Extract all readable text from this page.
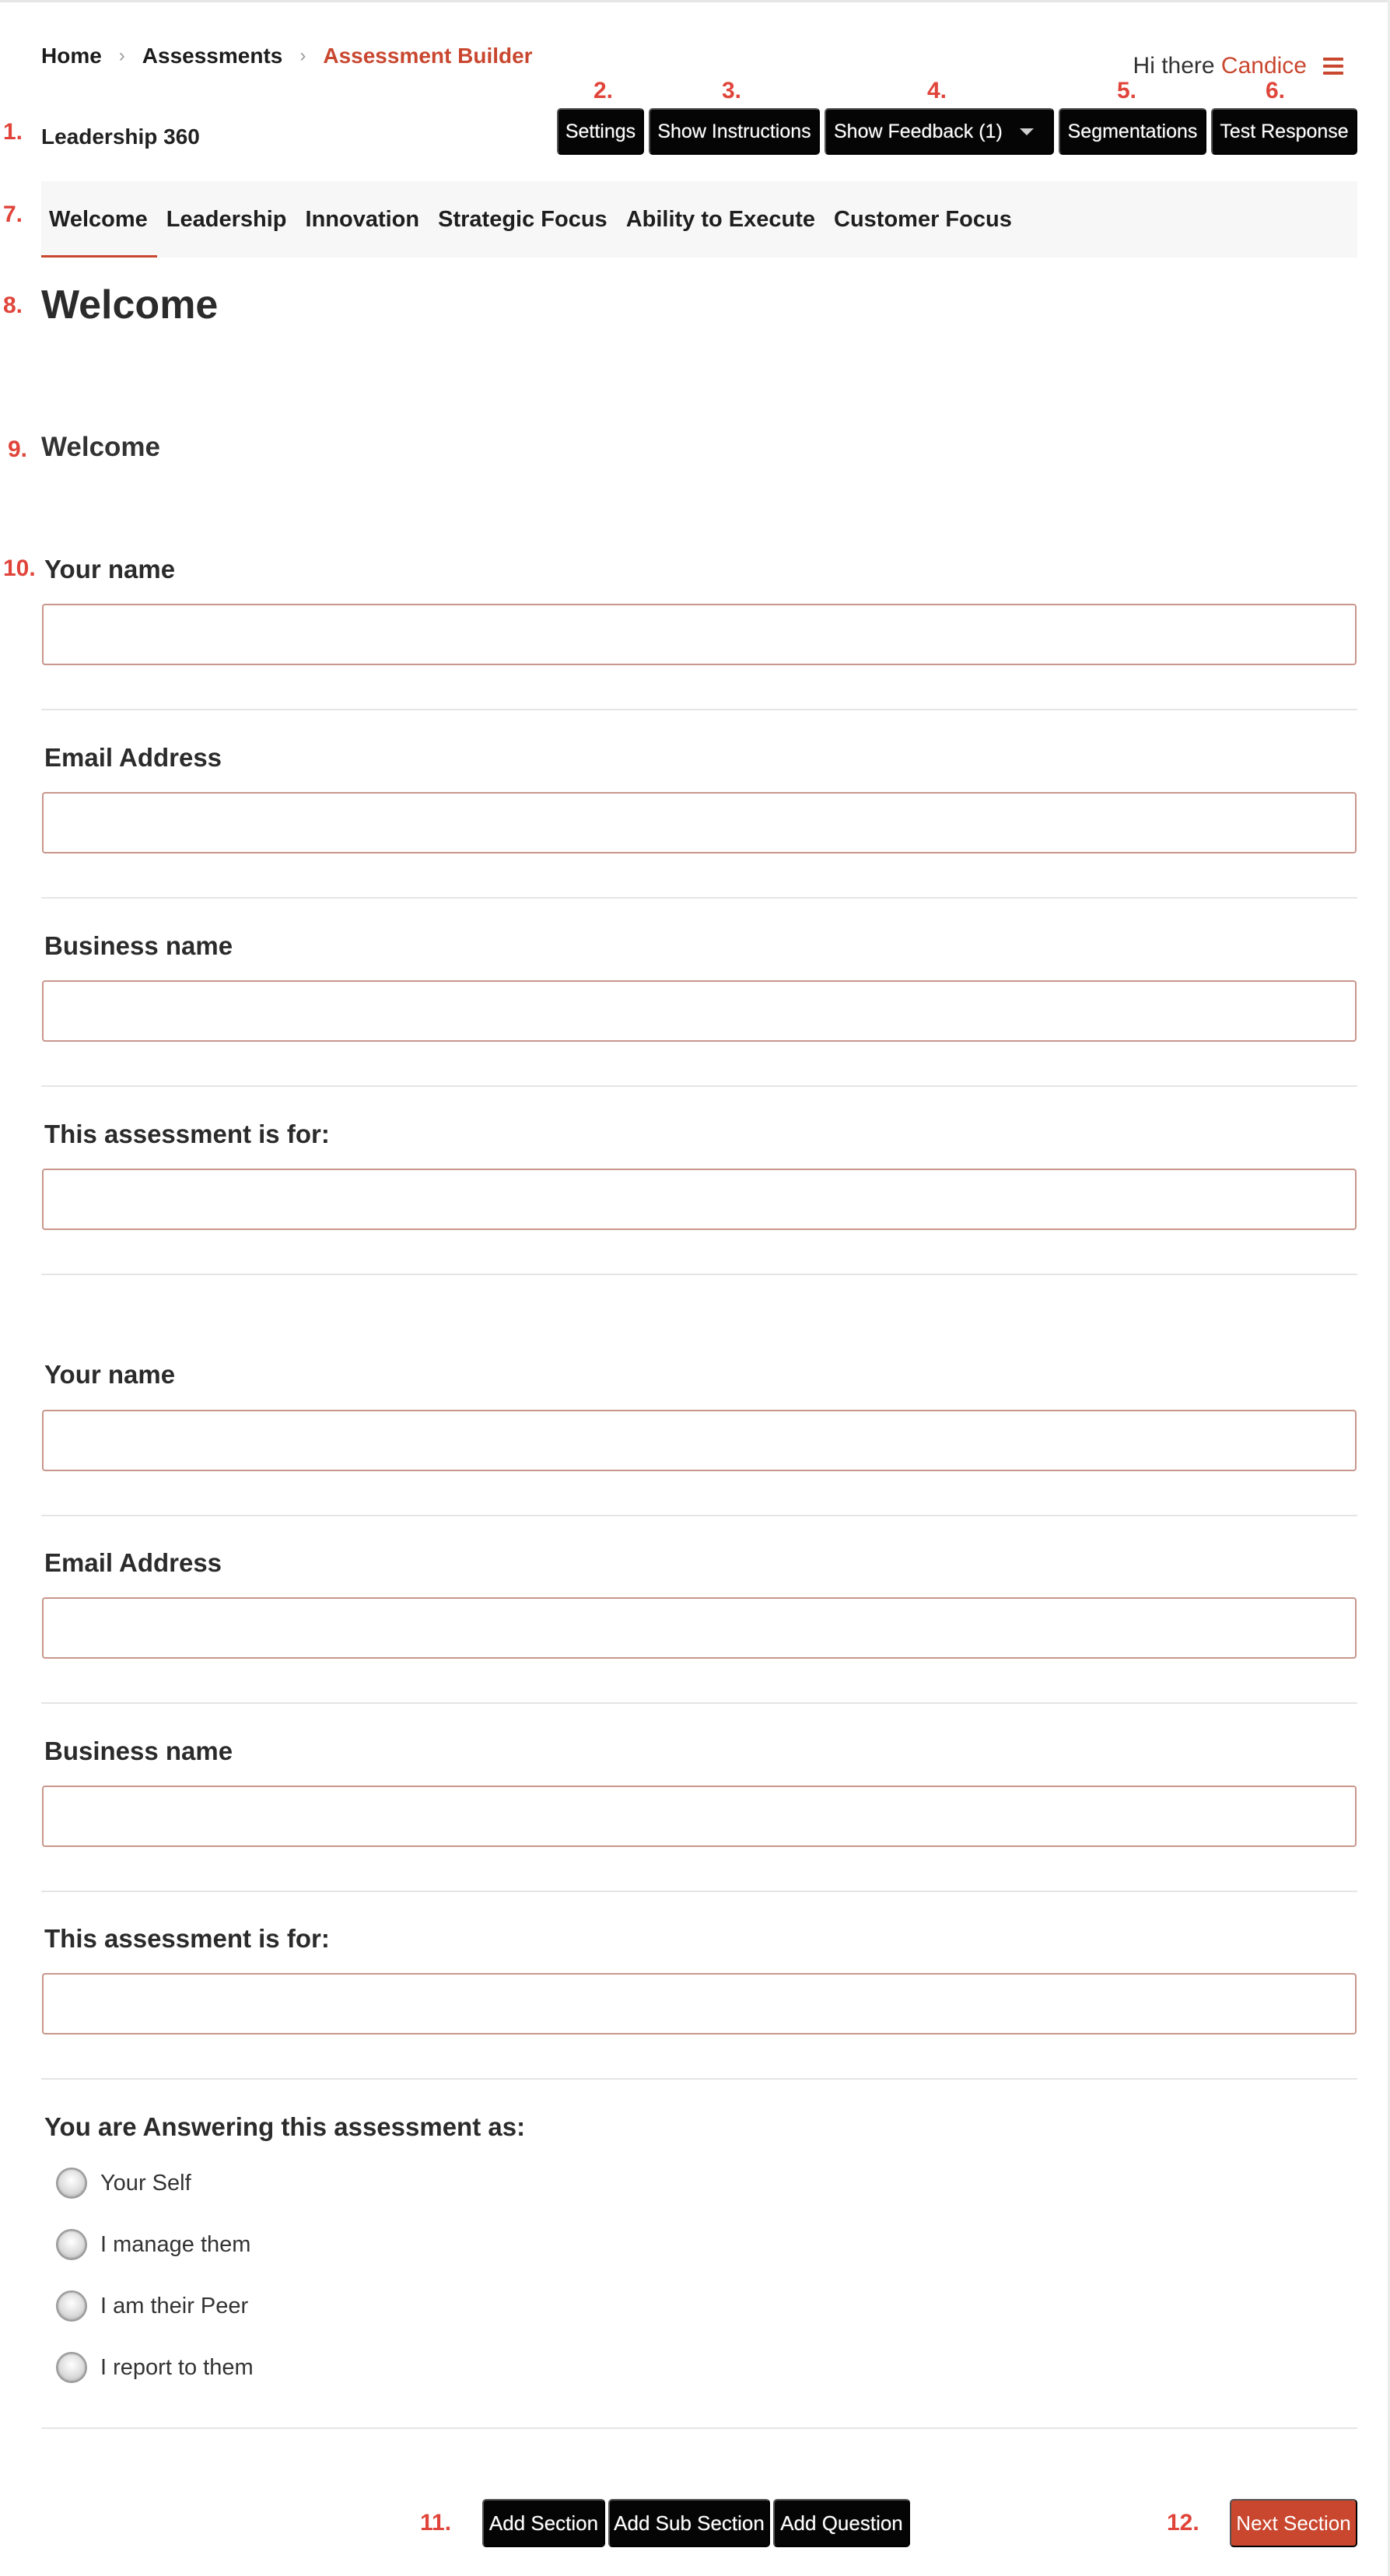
Home › Assessments › Assessment Builder	Hi there Candice
1.
2.	3.	4.	5.	6.
7.
8.
9.
10.
11.	12.
Leadership 360	Settings	Show Instructions	Show Feedback (1)	Segmentations	Test Response
Welcome Leadership Innovation Strategic Focus Ability to Execute Customer Focus
Welcome
Welcome
Your name
Email Address
Business name
This assessment is for:
Your name
Email Address
Business name
This assessment is for:
You are Answering this assessment as:
Your Self
I manage them
I am their Peer
I report to them
Add Section Add Sub Section Add Question	Next Section
